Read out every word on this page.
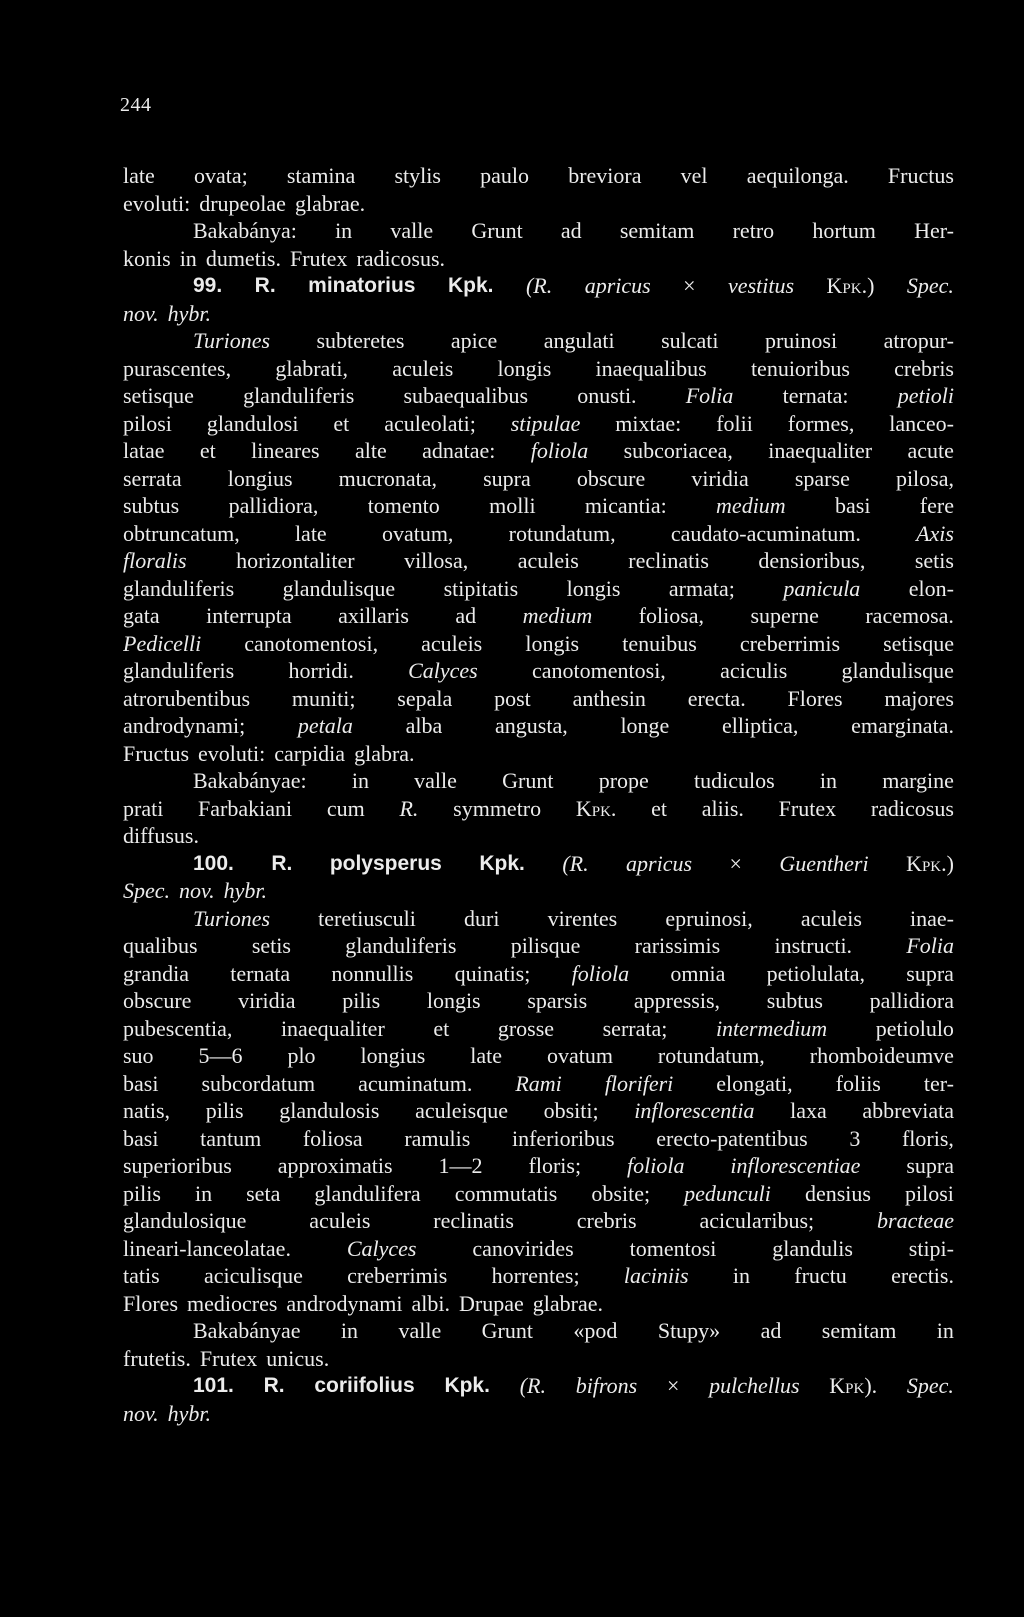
244
late ovata; stamina stylis paulo breviora vel aequilonga. Fructus
evoluti: drupeolae glabrae.
Bakabánya: in valle Grunt ad semitam retro hortum Her-
konis in dumetis. Frutex radicosus.
99. R. minatorius Kpk. (R. apricus × vestitus Kpk.) Spec.
nov. hybr.
Turiones subteretes apice angulati sulcati pruinosi atropur-
purascentes, glabrati, aculeis longis inaequalibus tenuioribus crebris
setisque glanduliferis subaequalibus onusti. Folia ternata: petioli
pilosi glandulosi et aculeolati; stipulae mixtae: folii formes, lanceo-
latae et lineares alte adnatae: foliola subcoriacea, inaequaliter acute
serrata longius mucronata, supra obscure viridia sparse pilosa,
subtus pallidiora, tomento molli micantia: medium basi fere
obtruncatum,	late	ovatum,	rotundatum,	caudato-acuminatum.	Axis
floralis horizontaliter villosa, aculeis reclinatis densioribus, setis
glanduliferis glandulisque stipitatis longis armata; panicula elon-
gata interrupta axillaris ad medium foliosa, superne racemosa.
Pedicelli canotomentosi, aculeis longis tenuibus creberrimis setisque
glanduliferis horridi. Calyces canotomentosi, aciculis glandulisque
atrorubentibus muniti; sepala post anthesin erecta. Flores majores
androdynami; petala alba angusta, longe elliptica, emarginata.
Fructus evoluti: carpidia glabra.
Bakabányae: in valle Grunt prope tudiculos in margine
prati Farbakiani cum R. symmetro Kpk. et aliis. Frutex radicosus
diffusus.
100. R. polysperus Kpk. (R. apricus × Guentheri Kpk.)
Spec. nov. hybr.
Turiones teretiusculi duri virentes epruinosi, aculeis inae-
qualibus setis glanduliferis pilisque rarissimis instructi. Folia
grandia ternata nonnullis quinatis; foliola omnia petiolulata, supra
obscure viridia pilis longis sparsis appressis, subtus pallidiora
pubescentia, inaequaliter et grosse serrata; intermedium petiolulo
suo 5—6 plo longius late ovatum rotundatum, rhomboideumve
basi subcordatum acuminatum. Rami floriferi elongati, foliis ter-
natis, pilis glandulosis aculeisque obsiti; inflorescentia laxa abbreviata
basi tantum foliosa ramulis inferioribus erecto-patentibus 3 floris,
superioribus approximatis 1—2 floris; foliola inflorescentiae supra
pilis in seta glandulifera commutatis obsite; pedunculi densius pilosi
glandulosique	aculeis	reclinatis	crebris	aciculaтibus;	bracteae
lineari-lanceolatae.	Calyces	canovirides	tomentosi	glandulis	stipi-
tatis aciculisque creberrimis horrentes; laciniis in fructu erectis.
Flores mediocres androdynami albi. Drupae glabrae.
Bakabányae in valle Grunt «pod Stupy» ad semitam in
frutetis. Frutex unicus.
101. R. coriifolius Kpk. (R. bifrons × pulchellus Kpk). Spec.
nov. hybr.
